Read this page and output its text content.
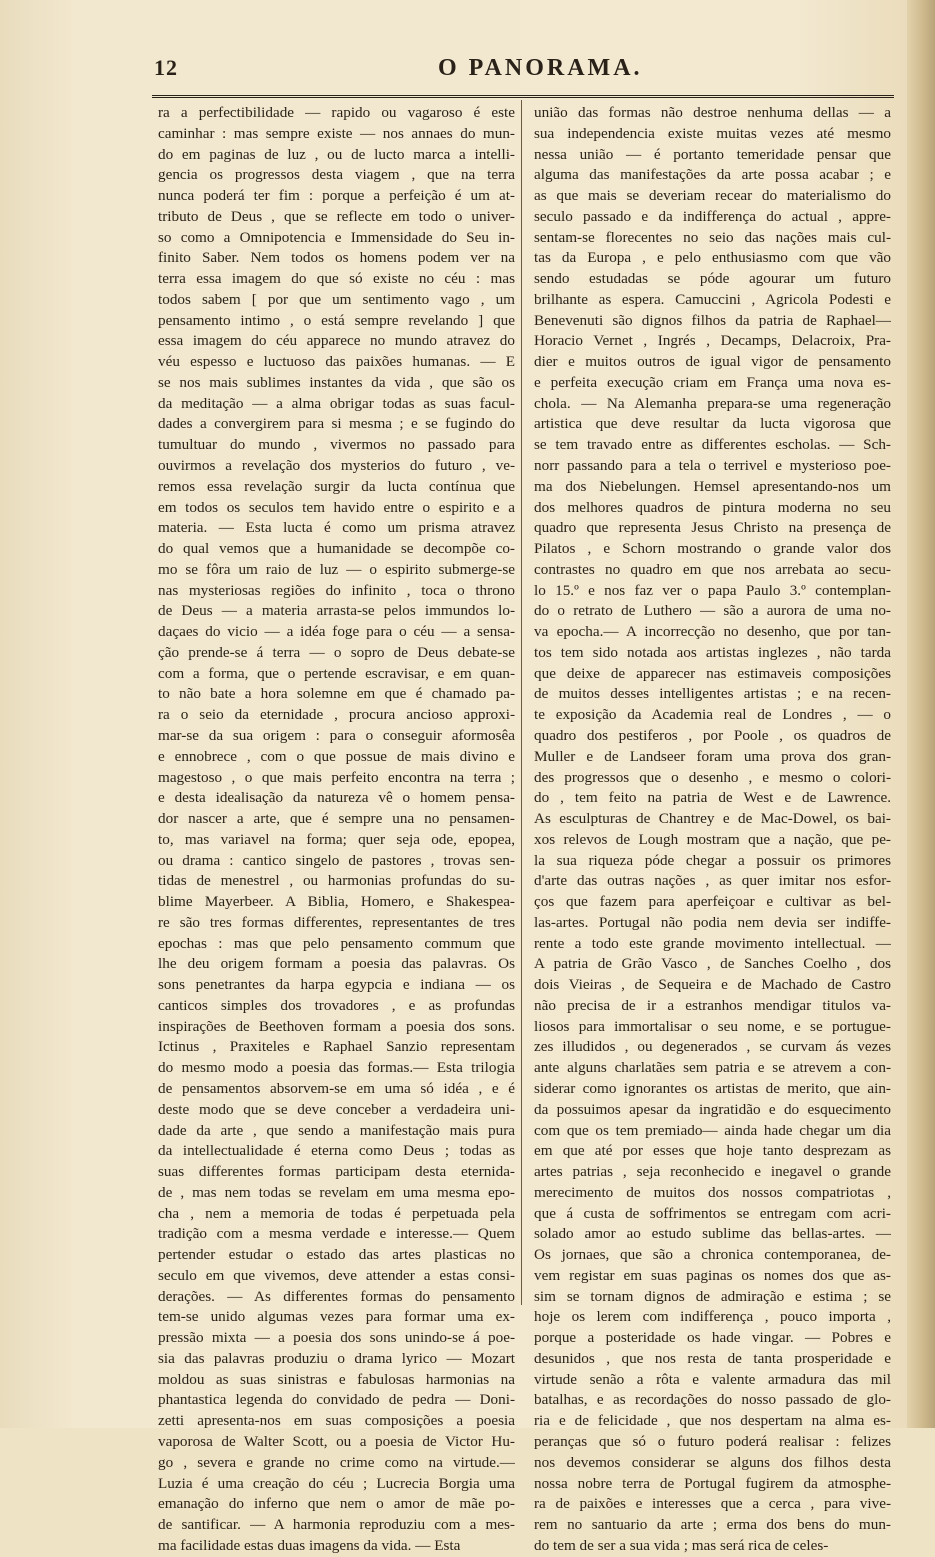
12	O PANORAMA.
ra a perfectibilidade — rapido ou vagaroso é este
caminhar : mas sempre existe — nos annaes do mun-
do em paginas de luz , ou de lucto marca a intelli-
gencia os progressos desta viagem , que na terra
nunca poderá ter fim : porque a perfeição é um at-
tributo de Deus , que se reflecte em todo o univer-
so como a Omnipotencia e Immensidade do Seu in-
finito Saber. Nem todos os homens podem ver na
terra essa imagem do que só existe no céu : mas
todos sabem [ por que um sentimento vago , um
pensamento intimo , o está sempre revelando ] que
essa imagem do céu apparece no mundo atravez do
véu espesso e luctuoso das paixões humanas. — E
se nos mais sublimes instantes da vida , que são os
da meditação — a alma obrigar todas as suas facul-
dades a convergirem para si mesma ; e se fugindo do
tumultuar do mundo , vivermos no passado para
ouvirmos a revelação dos mysterios do futuro , ve-
remos essa revelação surgir da lucta contínua que
em todos os seculos tem havido entre o espirito e a
materia. — Esta lucta é como um prisma atravez
do qual vemos que a humanidade se decompõe co-
mo se fôra um raio de luz — o espirito submerge-se
nas mysteriosas regiões do infinito , toca o throno
de Deus — a materia arrasta-se pelos immundos lo-
daçaes do vicio — a idéa foge para o céu — a sensa-
ção prende-se á terra — o sopro de Deus debate-se
com a forma, que o pertende escravisar, e em quan-
to não bate a hora solemne em que é chamado pa-
ra o seio da eternidade , procura ancioso approxi-
mar-se da sua origem : para o conseguir aformosêa
e ennobrece , com o que possue de mais divino e
magestoso , o que mais perfeito encontra na terra ;
e desta idealisação da natureza vê o homem pensa-
dor nascer a arte, que é sempre una no pensamen-
to, mas variavel na forma; quer seja ode, epopea,
ou drama : cantico singelo de pastores , trovas sen-
tidas de menestrel , ou harmonias profundas do su-
blime Mayerbeer. A Biblia, Homero, e Shakespea-
re são tres formas differentes, representantes de tres
epochas : mas que pelo pensamento commum que
lhe deu origem formam a poesia das palavras. Os
sons penetrantes da harpa egypcia e indiana — os
canticos simples dos trovadores , e as profundas
inspirações de Beethoven formam a poesia dos sons.
Ictinus , Praxiteles e Raphael Sanzio representam
do mesmo modo a poesia das formas.— Esta trilogia
de pensamentos absorvem-se em uma só idéa , e é
deste modo que se deve conceber a verdadeira uni-
dade da arte , que sendo a manifestação mais pura
da intellectualidade é eterna como Deus ; todas as
suas differentes formas participam desta eternida-
de , mas nem todas se revelam em uma mesma epo-
cha , nem a memoria de todas é perpetuada pela
tradição com a mesma verdade e interesse.— Quem
pertender estudar o estado das artes plasticas no
seculo em que vivemos, deve attender a estas consi-
derações. — As differentes formas do pensamento
tem-se unido algumas vezes para formar uma ex-
pressão mixta — a poesia dos sons unindo-se á poe-
sia das palavras produziu o drama lyrico — Mozart
moldou as suas sinistras e fabulosas harmonias na
phantastica legenda do convidado de pedra — Doni-
zetti apresenta-nos em suas composições a poesia
vaporosa de Walter Scott, ou a poesia de Victor Hu-
go , severa e grande no crime como na virtude.—
Luzia é uma creação do céu ; Lucrecia Borgia uma
emanação do inferno que nem o amor de mãe po-
de santificar. — A harmonia reproduziu com a mes-
ma facilidade estas duas imagens da vida. — Esta
união das formas não destroe nenhuma dellas — a
sua independencia existe muitas vezes até mesmo
nessa união — é portanto temeridade pensar que
alguma das manifestações da arte possa acabar ; e
as que mais se deveriam recear do materialismo do
seculo passado e da indifferença do actual , appre-
sentam-se florecentes no seio das nações mais cul-
tas da Europa , e pelo enthusiasmo com que vão
sendo estudadas se póde agourar um futuro
brilhante as espera. Camuccini , Agricola Podesti e
Benevenuti são dignos filhos da patria de Raphael—
Horacio Vernet , Ingrés , Decamps, Delacroix, Pra-
dier e muitos outros de igual vigor de pensamento
e perfeita execução criam em França uma nova es-
chola. — Na Alemanha prepara-se uma regeneração
artistica que deve resultar da lucta vigorosa que
se tem travado entre as differentes escholas. — Sch-
norr passando para a tela o terrivel e mysterioso poe-
ma dos Niebelungen. Hemsel apresentando-nos um
dos melhores quadros de pintura moderna no seu
quadro que representa Jesus Christo na presença de
Pilatos , e Schorn mostrando o grande valor dos
contrastes no quadro em que nos arrebata ao secu-
lo 15.º e nos faz ver o papa Paulo 3.º contemplan-
do o retrato de Luthero — são a aurora de uma no-
va epocha.— A incorrecção no desenho, que por tan-
tos tem sido notada aos artistas inglezes , não tarda
que deixe de apparecer nas estimaveis composições
de muitos desses intelligentes artistas ; e na recen-
te exposição da Academia real de Londres , — o
quadro dos pestiferos , por Poole , os quadros de
Muller e de Landseer foram uma prova dos gran-
des progressos que o desenho , e mesmo o colori-
do , tem feito na patria de West e de Lawrence.
As esculpturas de Chantrey e de Mac-Dowel, os bai-
xos relevos de Lough mostram que a nação, que pe-
la sua riqueza póde chegar a possuir os primores
d'arte das outras nações , as quer imitar nos esfor-
ços que fazem para aperfeiçoar e cultivar as bel-
las-artes. Portugal não podia nem devia ser indiffe-
rente a todo este grande movimento intellectual. —
A patria de Grão Vasco , de Sanches Coelho , dos
dois Vieiras , de Sequeira e de Machado de Castro
não precisa de ir a estranhos mendigar titulos va-
liosos para immortalisar o seu nome, e se portugue-
zes illudidos , ou degenerados , se curvam ás vezes
ante alguns charlatães sem patria e se atrevem a con-
siderar como ignorantes os artistas de merito, que ain-
da possuimos apesar da ingratidão e do esquecimento
com que os tem premiado— ainda hade chegar um dia
em que até por esses que hoje tanto desprezam as
artes patrias , seja reconhecido e inegavel o grande
merecimento de muitos dos nossos compatriotas ,
que á custa de soffrimentos se entregam com acri-
solado amor ao estudo sublime das bellas-artes. —
Os jornaes, que são a chronica contemporanea, de-
vem registar em suas paginas os nomes dos que as-
sim se tornam dignos de admiração e estima ; se
hoje os lerem com indifferença , pouco importa ,
porque a posteridade os hade vingar. — Pobres e
desunidos , que nos resta de tanta prosperidade e
virtude senão a rôta e valente armadura das mil
batalhas, e as recordações do nosso passado de glo-
ria e de felicidade , que nos despertam na alma es-
peranças que só o futuro poderá realisar : felizes
nos devemos considerar se alguns dos filhos desta
nossa nobre terra de Portugal fugirem da atmosphe-
ra de paixões e interesses que a cerca , para vive-
rem no santuario da arte ; erma dos bens do mun-
do tem de ser a sua vida ; mas será rica de celes-
